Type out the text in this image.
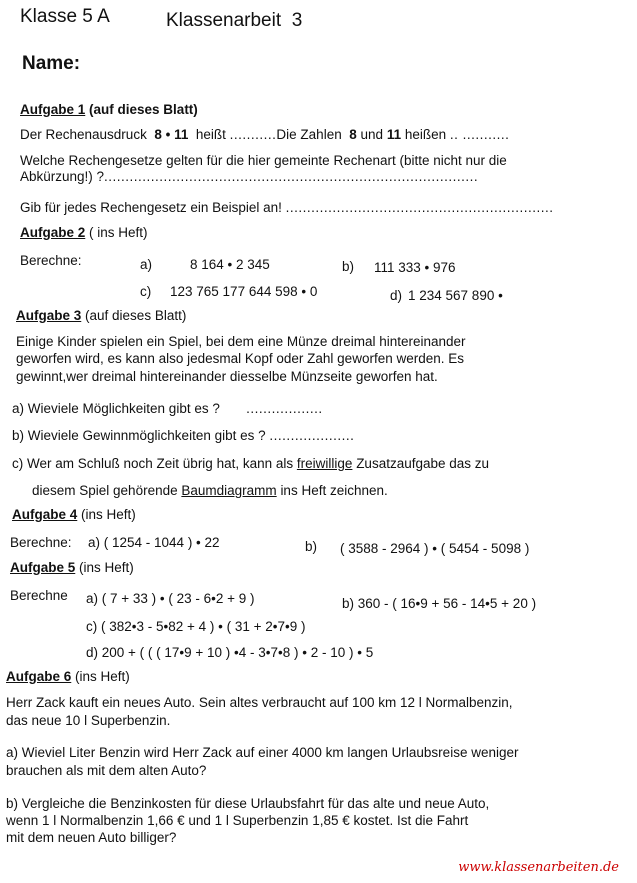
Klasse 5 A	Klassenarbeit 3
Name:
Aufgabe 1 (auf dieses Blatt)
Der Rechenausdruck 8 • 11 heißt ...........Die Zahlen 8 und 11 heißen .. ...........
Welche Rechengesetze gelten für die hier gemeinte Rechenart (bitte nicht nur die
Abkürzung!) ?........................................................................................
Gib für jedes Rechengesetz ein Beispiel an! ...............................................................
Aufgabe 2 ( ins Heft)
Berechne:	a)	8 164 • 2 345	b) 111 333 • 976
c) 123 765 177 644 598 • 0	d) 1 234 567 890 •
Aufgabe 3 (auf dieses Blatt)
Einige Kinder spielen ein Spiel, bei dem eine Münze dreimal hintereinander
geworfen wird, es kann also jedesmal Kopf oder Zahl geworfen werden. Es
gewinnt,wer dreimal hintereinander diesselbe Münzseite geworfen hat.
a) Wieviele Möglichkeiten gibt es ? ..................
b) Wieviele Gewinnmöglichkeiten gibt es ? ....................
c) Wer am Schluß noch Zeit übrig hat, kann als freiwillige Zusatzaufgabe das zu
diesem Spiel gehörende Baumdiagramm ins Heft zeichnen.
Aufgabe 4 (ins Heft)
Berechne: a) ( 1254 - 1044 ) • 22	b) ( 3588 - 2964 ) • ( 5454 - 5098 )
Aufgabe 5 (ins Heft)
Berechne a) ( 7 + 33 ) • ( 23 - 6•2 + 9 )	b) 360 - ( 16•9 + 56 - 14•5 + 20 )
c) ( 382•3 - 5•82 + 4 ) • ( 31 + 2•7•9 )
d) 200 + ( ( ( 17•9 + 10 ) •4 - 3•7•8 ) • 2 - 10 ) • 5
Aufgabe 6 (ins Heft)
Herr Zack kauft ein neues Auto. Sein altes verbraucht auf 100 km 12 l Normalbenzin,
das neue 10 l Superbenzin.
a) Wieviel Liter Benzin wird Herr Zack auf einer 4000 km langen Urlaubsreise weniger
brauchen als mit dem alten Auto?
b) Vergleiche die Benzinkosten für diese Urlaubsfahrt für das alte und neue Auto,
wenn 1 l Normalbenzin 1,66 € und 1 l Superbenzin 1,85 € kostet. Ist die Fahrt
mit dem neuen Auto billiger?
www.klassenarbeiten.de
